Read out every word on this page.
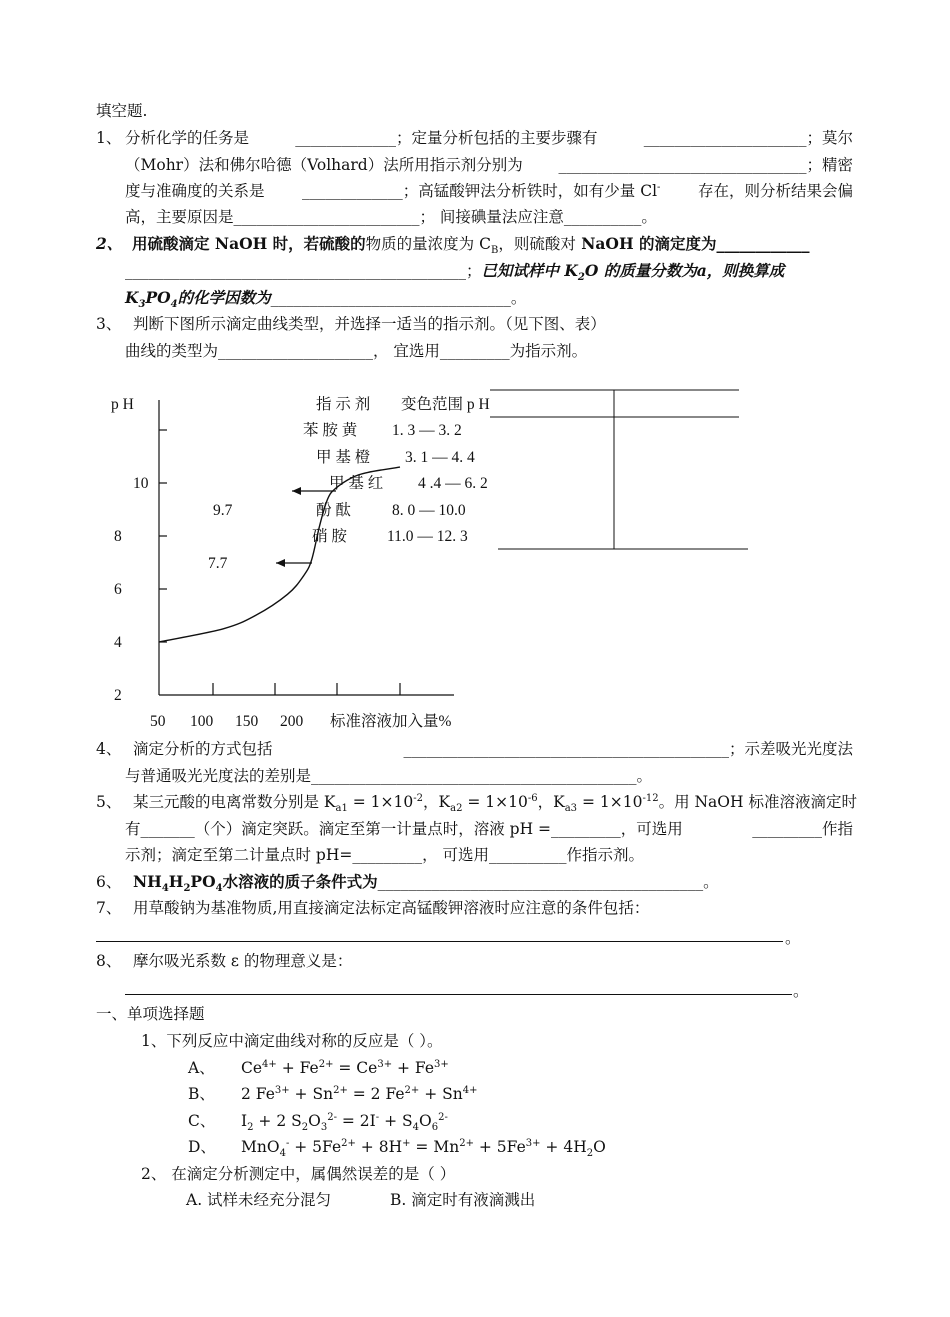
填空题.
1、 分析化学的任务是	_____________；定量分析包括的主要步骤有	_____________________；莫尔
（Mohr）法和佛尔哈德（Volhard）法所用指示剂分别为 ________________________________；精密
度与准确度的关系是 _____________；高锰酸钾法分析铁时，如有少量 Cl- 存在，则分析结果会偏
高，主要原因是________________________； 间接碘量法应注意__________。
2、 用硫酸滴定 NaOH 时，若硫酸的物质的量浓度为 $C_B$，则硫酸对 NaOH 的滴定度为____________
____________________________________________；已知试样中 $K_2O$ 的质量分数为a，则换算成
$K_3PO_4$的化学因数为_______________________________。
3、 判断下图所示滴定曲线类型，并选择一适当的指示剂。（见下图、表）
曲线的类型为____________________， 宜选用_________为指示剂。
p H
2
4
6
8
10
50 100 150 200 标准溶液加入量%
9.7
7.7
指 示 剂 变色范围 p H
苯 胺 黄 1. 3 — 3. 2
甲 基 橙 3. 1 — 4. 4
甲 基 红 4 .4 — 6. 2
酚 酞	8. 0 — 10.0
硝 胺	11.0 — 12. 3
4、 滴定分析的方式包括	__________________________________________；示差吸光光度法
与普通吸光光度法的差别是__________________________________________。
5、 某三元酸的电离常数分别是 $K_{a1} = 1\times 10^{-2}$，$K_{a2} = 1\times 10^{-6}$，$K_{a3} = 1\times 10^{-12}$。用 NaOH 标准溶液滴定时
有_______（个）滴定突跃。滴定至第一计量点时，溶液 pH =_________，可选用	_________作指
示剂；滴定至第二计量点时 pH=_________， 可选用__________作指示剂。
6、 $NH_4H_2PO_4$水溶液的质子条件式为__________________________________________。
7、 用草酸钠为基准物质,用直接滴定法标定高锰酸钾溶液时应注意的条件包括：
。
8、 摩尔吸光系数 ε 的物理意义是：
。
一、单项选择题
1、下列反应中滴定曲线对称的反应是（ ）。
A、 $Ce^{4+} + Fe^{2+} = Ce^{3+} + Fe^{3+}$
B、 2 $Fe^{3+} + Sn^{2+} = 2$ $Fe^{2+} + Sn^{4+}$
C、 $I_2 + 2$ $S_2O_3^{2-} = 2I^- + S_4O_6^{2-}$
D、 $MnO_4^- + 5Fe^{2+} + 8H^+ = Mn^{2+} + 5Fe^{3+} + 4H_2O$
2、 在滴定分析测定中，属偶然误差的是（ ）
A. 试样未经充分混匀	B. 滴定时有液滴溅出
